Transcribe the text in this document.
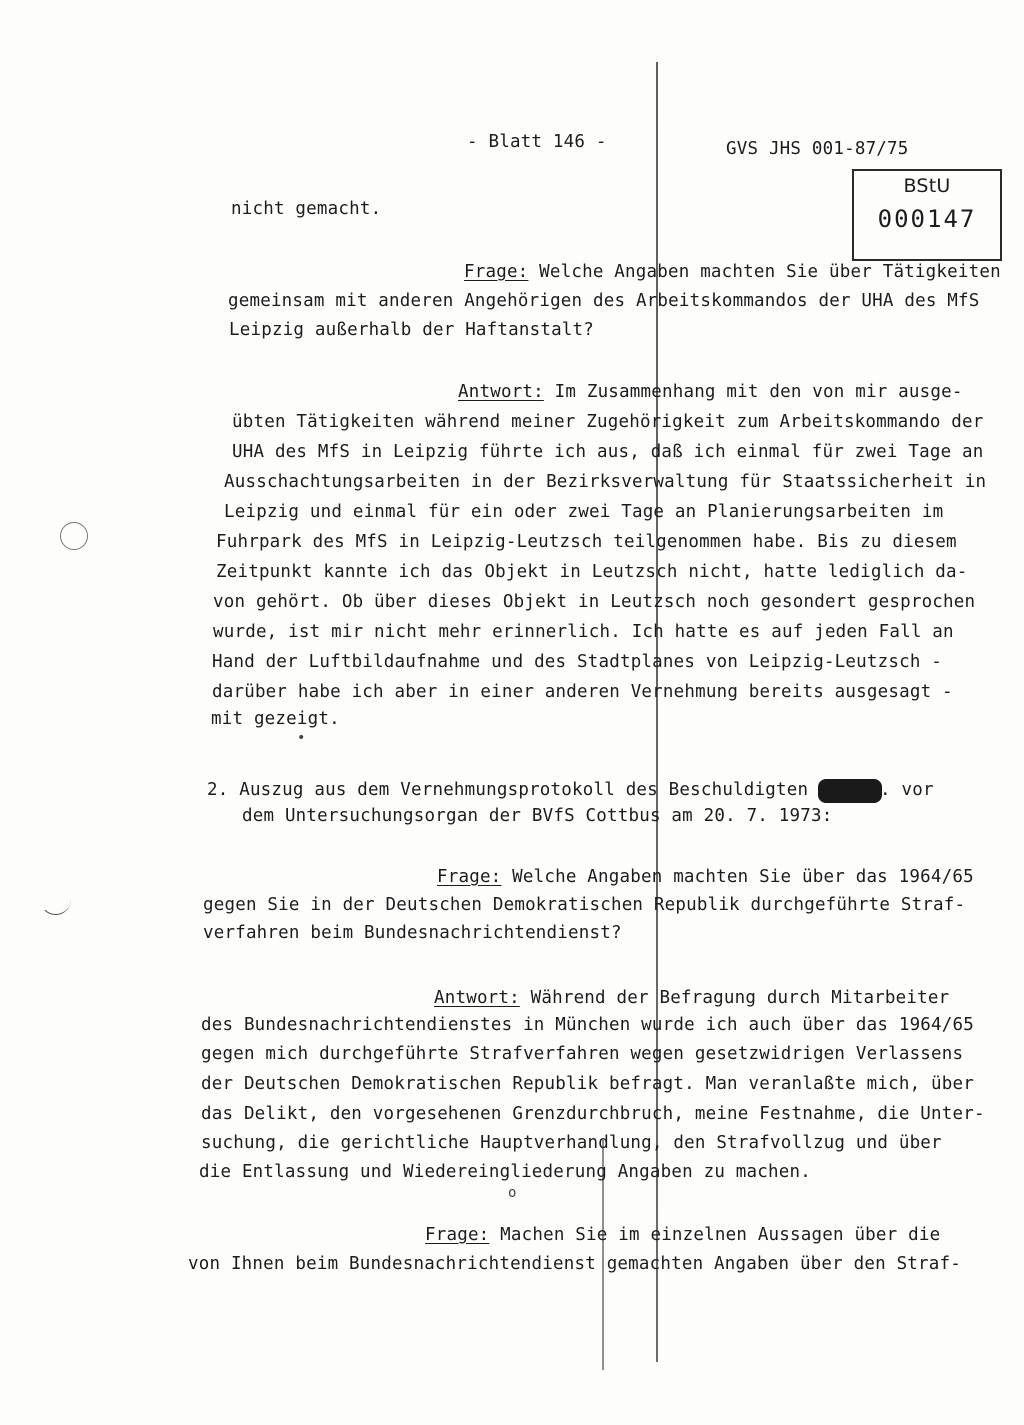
•
o
- Blatt 146 -	GVS JHS 001-87/75
BStU
000147
nicht gemacht.
Frage: Welche Angaben machten Sie über Tätigkeiten
gemeinsam mit anderen Angehörigen des Arbeitskommandos der UHA des MfS
Leipzig außerhalb der Haftanstalt?
Antwort: Im Zusammenhang mit den von mir ausge-
übten Tätigkeiten während meiner Zugehörigkeit zum Arbeitskommando der
UHA des MfS in Leipzig führte ich aus, daß ich einmal für zwei Tage an
Ausschachtungsarbeiten in der Bezirksverwaltung für Staatssicherheit in
Leipzig und einmal für ein oder zwei Tage an Planierungsarbeiten im
Fuhrpark des MfS in Leipzig-Leutzsch teilgenommen habe. Bis zu diesem
Zeitpunkt kannte ich das Objekt in Leutzsch nicht, hatte lediglich da-
von gehört. Ob über dieses Objekt in Leutzsch noch gesondert gesprochen
wurde, ist mir nicht mehr erinnerlich. Ich hatte es auf jeden Fall an
Hand der Luftbildaufnahme und des Stadtplanes von Leipzig-Leutzsch -
darüber habe ich aber in einer anderen Vernehmung bereits ausgesagt -
mit gezeigt.
2. Auszug aus dem Vernehmungsprotokoll des Beschuldigten	. vor
dem Untersuchungsorgan der BVfS Cottbus am 20. 7. 1973:
Frage: Welche Angaben machten Sie über das 1964/65
gegen Sie in der Deutschen Demokratischen Republik durchgeführte Straf-
verfahren beim Bundesnachrichtendienst?
Antwort: Während der Befragung durch Mitarbeiter
des Bundesnachrichtendienstes in München wurde ich auch über das 1964/65
gegen mich durchgeführte Strafverfahren wegen gesetzwidrigen Verlassens
der Deutschen Demokratischen Republik befragt. Man veranlaßte mich, über
das Delikt, den vorgesehenen Grenzdurchbruch, meine Festnahme, die Unter-
suchung, die gerichtliche Hauptverhandlung, den Strafvollzug und über
die Entlassung und Wiedereingliederung Angaben zu machen.
Frage: Machen Sie im einzelnen Aussagen über die
von Ihnen beim Bundesnachrichtendienst gemachten Angaben über den Straf-
